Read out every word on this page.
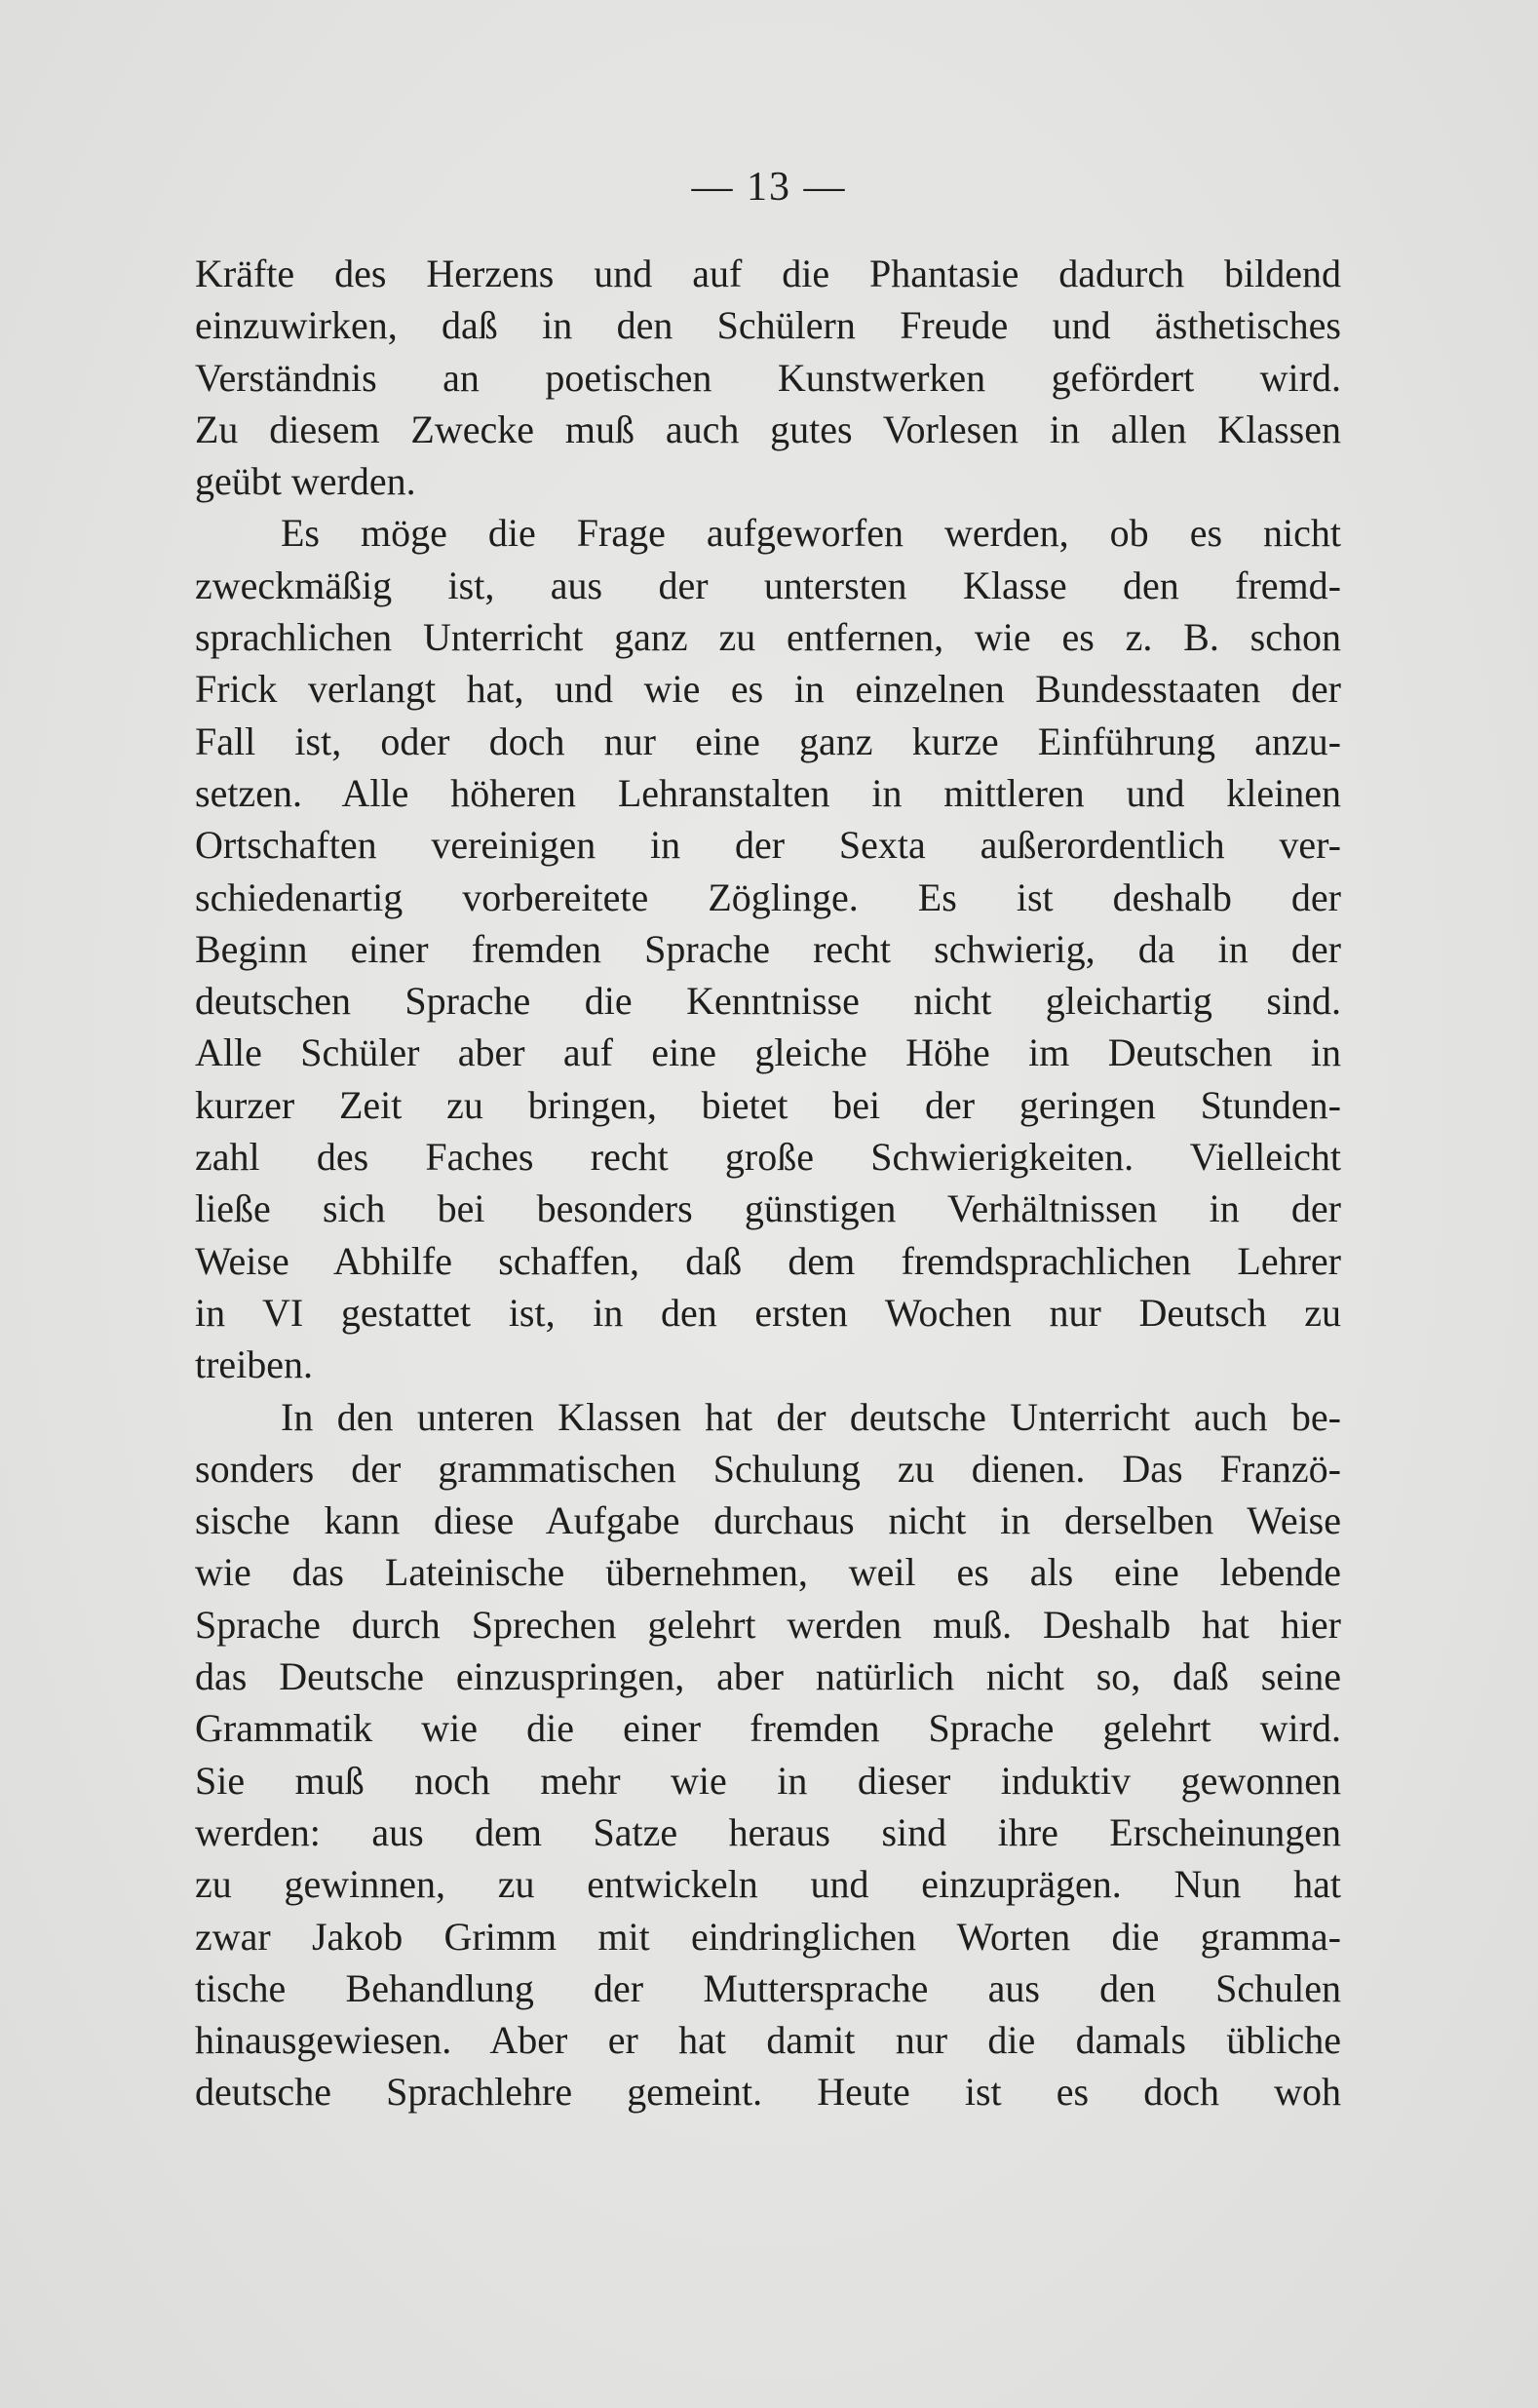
— 13 —
Kräfte des Herzens und auf die Phantasie dadurch bildend
einzuwirken, daß in den Schülern Freude und ästhetisches
Verständnis an poetischen Kunstwerken gefördert wird.
Zu diesem Zwecke muß auch gutes Vorlesen in allen Klassen
geübt werden.
Es möge die Frage aufgeworfen werden, ob es nicht
zweckmäßig ist, aus der untersten Klasse den fremd-
sprachlichen Unterricht ganz zu entfernen, wie es z. B. schon
Frick verlangt hat, und wie es in einzelnen Bundesstaaten der
Fall ist, oder doch nur eine ganz kurze Einführung anzu-
setzen. Alle höheren Lehranstalten in mittleren und kleinen
Ortschaften vereinigen in der Sexta außerordentlich ver-
schiedenartig vorbereitete Zöglinge. Es ist deshalb der
Beginn einer fremden Sprache recht schwierig, da in der
deutschen Sprache die Kenntnisse nicht gleichartig sind.
Alle Schüler aber auf eine gleiche Höhe im Deutschen in
kurzer Zeit zu bringen, bietet bei der geringen Stunden-
zahl des Faches recht große Schwierigkeiten. Vielleicht
ließe sich bei besonders günstigen Verhältnissen in der
Weise Abhilfe schaffen, daß dem fremdsprachlichen Lehrer
in VI gestattet ist, in den ersten Wochen nur Deutsch zu
treiben.
In den unteren Klassen hat der deutsche Unterricht auch be-
sonders der grammatischen Schulung zu dienen. Das Franzö-
sische kann diese Aufgabe durchaus nicht in derselben Weise
wie das Lateinische übernehmen, weil es als eine lebende
Sprache durch Sprechen gelehrt werden muß. Deshalb hat hier
das Deutsche einzuspringen, aber natürlich nicht so, daß seine
Grammatik wie die einer fremden Sprache gelehrt wird.
Sie muß noch mehr wie in dieser induktiv gewonnen
werden: aus dem Satze heraus sind ihre Erscheinungen
zu gewinnen, zu entwickeln und einzuprägen. Nun hat
zwar Jakob Grimm mit eindringlichen Worten die gramma-
tische Behandlung der Muttersprache aus den Schulen
hinausgewiesen. Aber er hat damit nur die damals übliche
deutsche Sprachlehre gemeint. Heute ist es doch woh
